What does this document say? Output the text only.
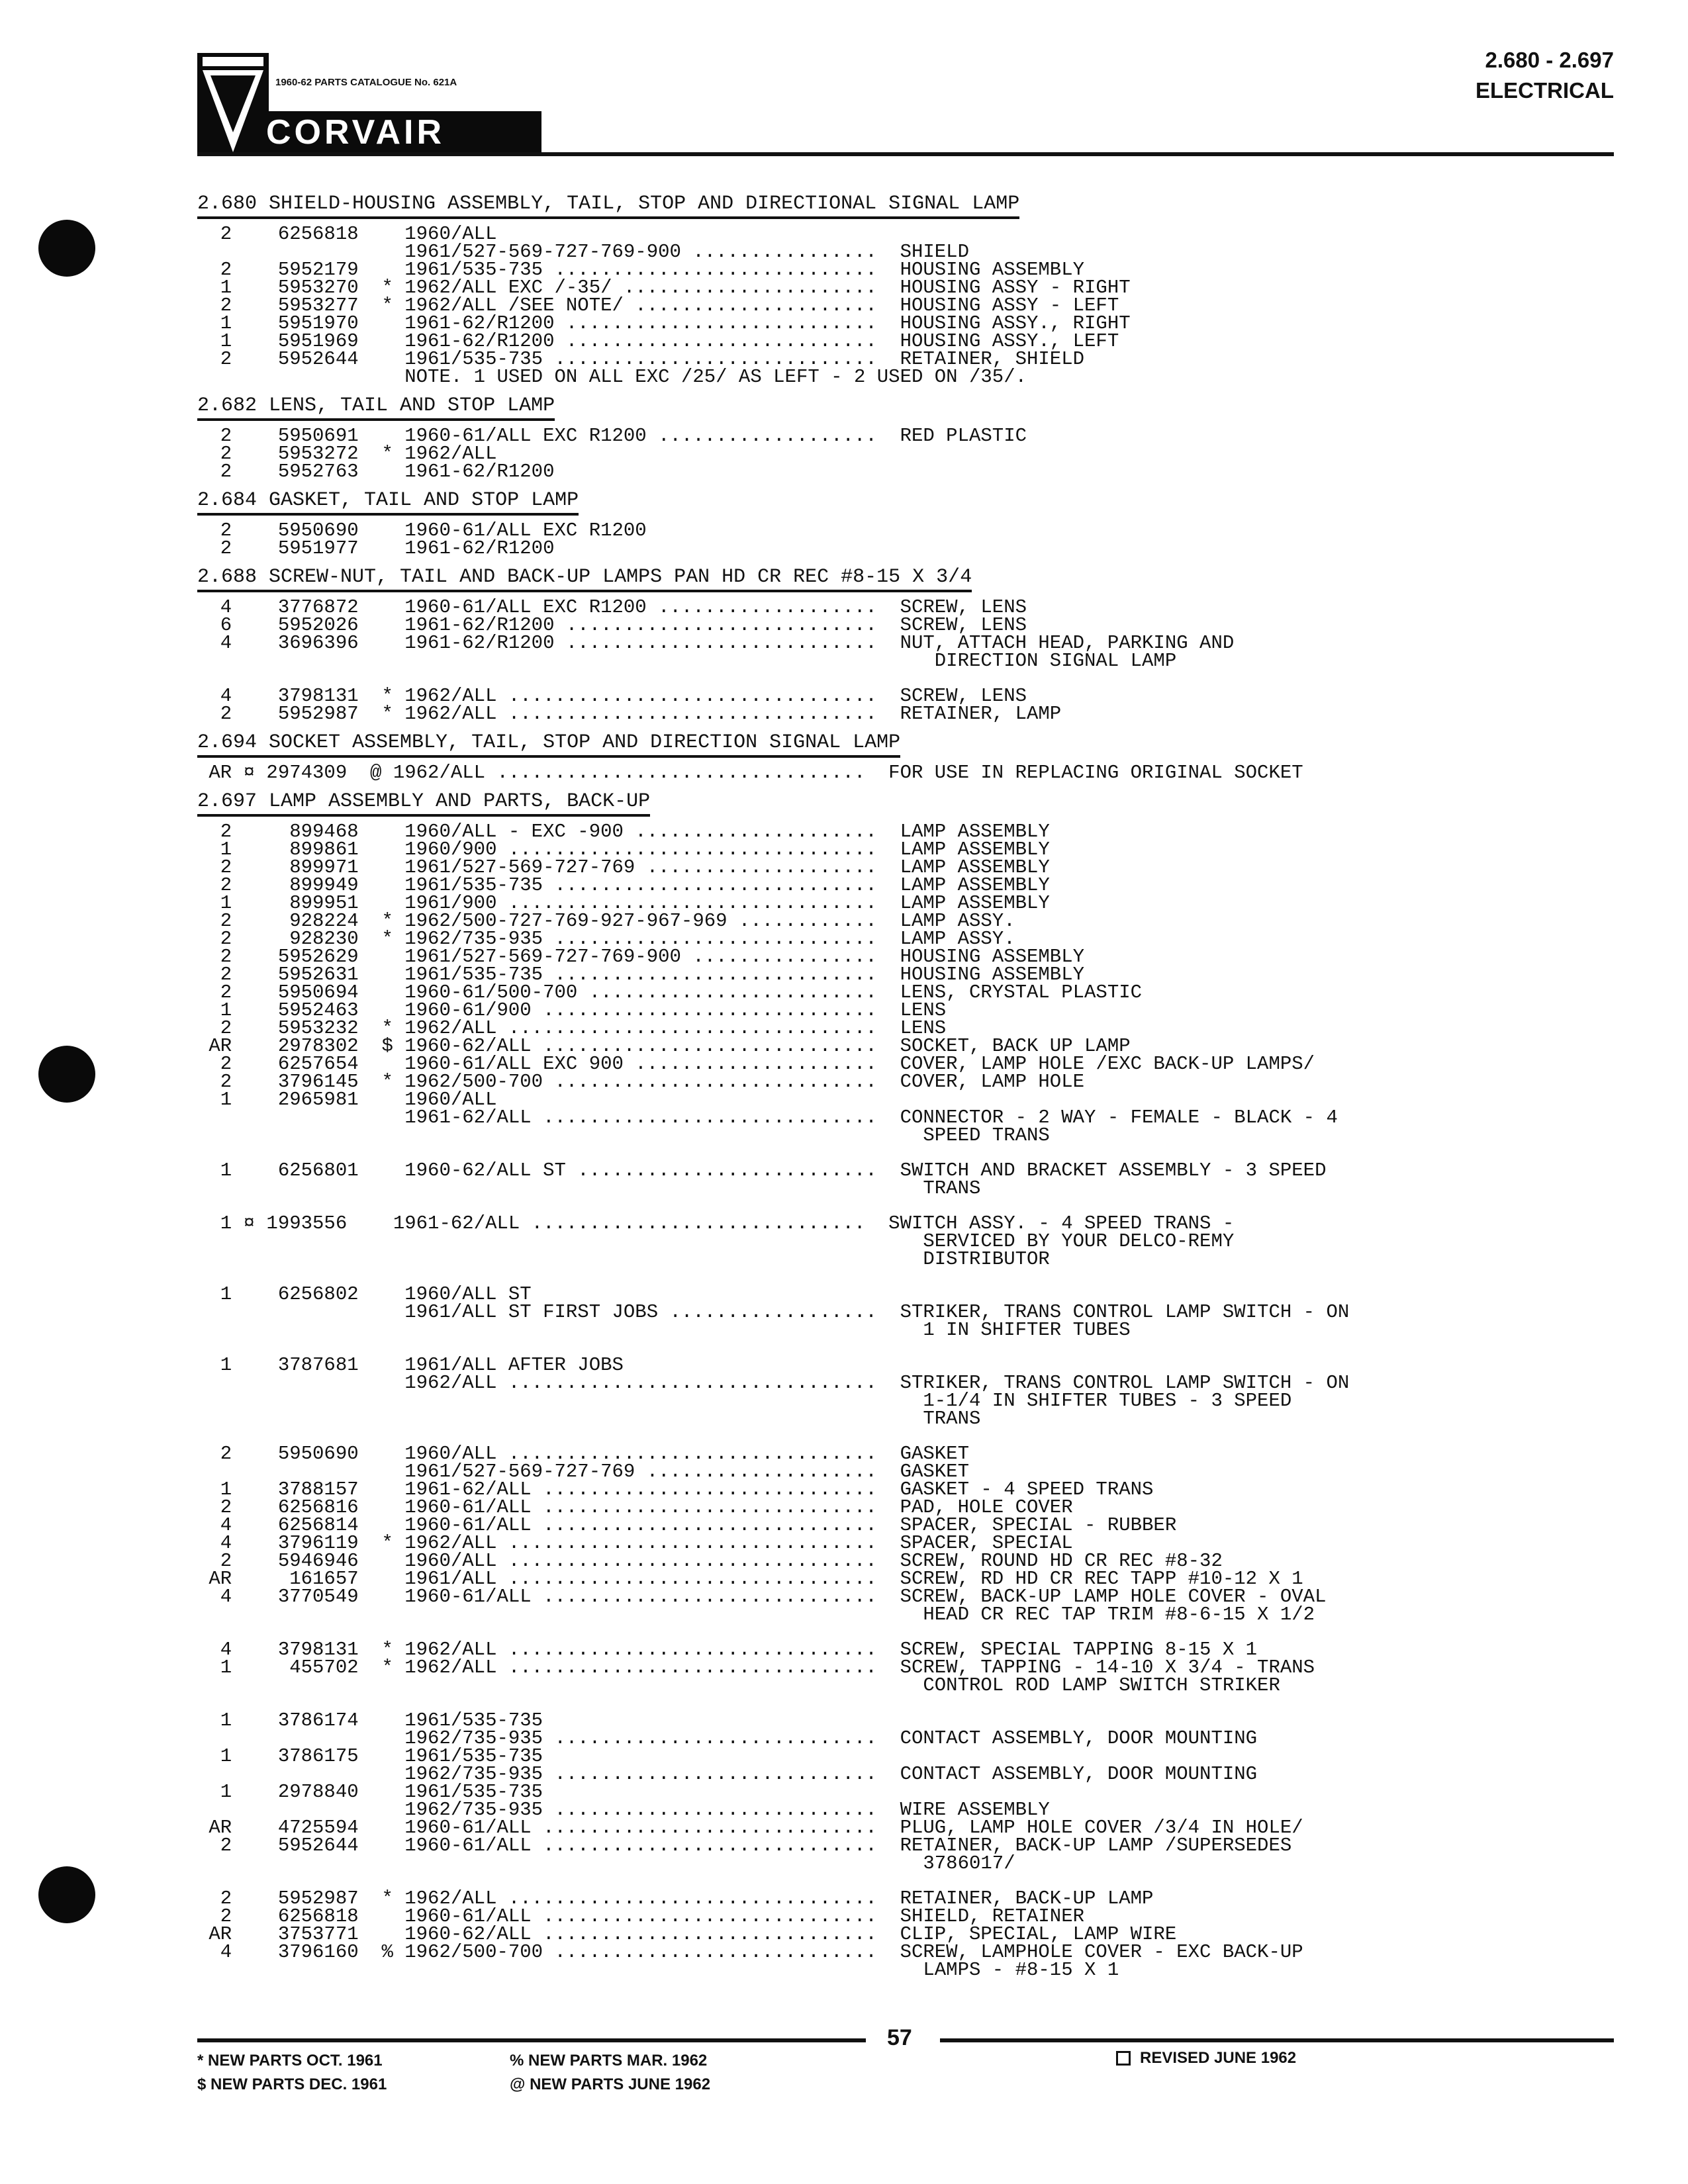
1960-62 PARTS CATALOGUE No. 621A
CORVAIR
2.680 - 2.697
ELECTRICAL
2.680 SHIELD-HOUSING ASSEMBLY, TAIL, STOP AND DIRECTIONAL SIGNAL LAMP
2    6256818    1960/ALL
1961/527-569-727-769-900 ................  SHIELD
2    5952179    1961/535-735 ............................  HOUSING ASSEMBLY
1    5953270  * 1962/ALL EXC /-35/ ......................  HOUSING ASSY - RIGHT
2    5953277  * 1962/ALL /SEE NOTE/ .....................  HOUSING ASSY - LEFT
1    5951970    1961-62/R1200 ...........................  HOUSING ASSY., RIGHT
1    5951969    1961-62/R1200 ...........................  HOUSING ASSY., LEFT
2    5952644    1961/535-735 ............................  RETAINER, SHIELD
NOTE. 1 USED ON ALL EXC /25/ AS LEFT - 2 USED ON /35/.
2.682 LENS, TAIL AND STOP LAMP
2    5950691    1960-61/ALL EXC R1200 ...................  RED PLASTIC
2    5953272  * 1962/ALL
2    5952763    1961-62/R1200
2.684 GASKET, TAIL AND STOP LAMP
2    5950690    1960-61/ALL EXC R1200
2    5951977    1961-62/R1200
2.688 SCREW-NUT, TAIL AND BACK-UP LAMPS PAN HD CR REC #8-15 X 3/4
4    3776872    1960-61/ALL EXC R1200 ...................  SCREW, LENS
6    5952026    1961-62/R1200 ...........................  SCREW, LENS
4    3696396    1961-62/R1200 ...........................  NUT, ATTACH HEAD, PARKING AND
DIRECTION SIGNAL LAMP
4    3798131  * 1962/ALL ................................  SCREW, LENS
2    5952987  * 1962/ALL ................................  RETAINER, LAMP
2.694 SOCKET ASSEMBLY, TAIL, STOP AND DIRECTION SIGNAL LAMP
AR ¤ 2974309  @ 1962/ALL ................................  FOR USE IN REPLACING ORIGINAL SOCKET
2.697 LAMP ASSEMBLY AND PARTS, BACK-UP
2     899468    1960/ALL - EXC -900 .....................  LAMP ASSEMBLY
1     899861    1960/900 ................................  LAMP ASSEMBLY
2     899971    1961/527-569-727-769 ....................  LAMP ASSEMBLY
2     899949    1961/535-735 ............................  LAMP ASSEMBLY
1     899951    1961/900 ................................  LAMP ASSEMBLY
2     928224  * 1962/500-727-769-927-967-969 ............  LAMP ASSY.
2     928230  * 1962/735-935 ............................  LAMP ASSY.
2    5952629    1961/527-569-727-769-900 ................  HOUSING ASSEMBLY
2    5952631    1961/535-735 ............................  HOUSING ASSEMBLY
2    5950694    1960-61/500-700 .........................  LENS, CRYSTAL PLASTIC
1    5952463    1960-61/900 .............................  LENS
2    5953232  * 1962/ALL ................................  LENS
AR    2978302  $ 1960-62/ALL .............................  SOCKET, BACK UP LAMP
2    6257654    1960-61/ALL EXC 900 .....................  COVER, LAMP HOLE /EXC BACK-UP LAMPS/
2    3796145  * 1962/500-700 ............................  COVER, LAMP HOLE
1    2965981    1960/ALL
1961-62/ALL .............................  CONNECTOR - 2 WAY - FEMALE - BLACK - 4
SPEED TRANS
1    6256801    1960-62/ALL ST ..........................  SWITCH AND BRACKET ASSEMBLY - 3 SPEED
TRANS
1 ¤ 1993556    1961-62/ALL .............................  SWITCH ASSY. - 4 SPEED TRANS -
SERVICED BY YOUR DELCO-REMY
DISTRIBUTOR
1    6256802    1960/ALL ST
1961/ALL ST FIRST JOBS ..................  STRIKER, TRANS CONTROL LAMP SWITCH - ON
1 IN SHIFTER TUBES
1    3787681    1961/ALL AFTER JOBS
1962/ALL ................................  STRIKER, TRANS CONTROL LAMP SWITCH - ON
1-1/4 IN SHIFTER TUBES - 3 SPEED
TRANS
2    5950690    1960/ALL ................................  GASKET
1961/527-569-727-769 ....................  GASKET
1    3788157    1961-62/ALL .............................  GASKET - 4 SPEED TRANS
2    6256816    1960-61/ALL .............................  PAD, HOLE COVER
4    6256814    1960-61/ALL .............................  SPACER, SPECIAL - RUBBER
4    3796119  * 1962/ALL ................................  SPACER, SPECIAL
2    5946946    1960/ALL ................................  SCREW, ROUND HD CR REC #8-32
AR     161657    1961/ALL ................................  SCREW, RD HD CR REC TAPP #10-12 X 1
4    3770549    1960-61/ALL .............................  SCREW, BACK-UP LAMP HOLE COVER - OVAL
HEAD CR REC TAP TRIM #8-6-15 X 1/2
4    3798131  * 1962/ALL ................................  SCREW, SPECIAL TAPPING 8-15 X 1
1     455702  * 1962/ALL ................................  SCREW, TAPPING - 14-10 X 3/4 - TRANS
CONTROL ROD LAMP SWITCH STRIKER
1    3786174    1961/535-735
1962/735-935 ............................  CONTACT ASSEMBLY, DOOR MOUNTING
1    3786175    1961/535-735
1962/735-935 ............................  CONTACT ASSEMBLY, DOOR MOUNTING
1    2978840    1961/535-735
1962/735-935 ............................  WIRE ASSEMBLY
AR    4725594    1960-61/ALL .............................  PLUG, LAMP HOLE COVER /3/4 IN HOLE/
2    5952644    1960-61/ALL .............................  RETAINER, BACK-UP LAMP /SUPERSEDES
3786017/
2    5952987  * 1962/ALL ................................  RETAINER, BACK-UP LAMP
2    6256818    1960-61/ALL .............................  SHIELD, RETAINER
AR    3753771    1960-62/ALL .............................  CLIP, SPECIAL, LAMP WIRE
4    3796160  % 1962/500-700 ............................  SCREW, LAMPHOLE COVER - EXC BACK-UP
LAMPS - #8-15 X 1
57
* NEW PARTS OCT. 1961
$ NEW PARTS DEC. 1961
% NEW PARTS MAR. 1962
@ NEW PARTS JUNE 1962
REVISED JUNE 1962
